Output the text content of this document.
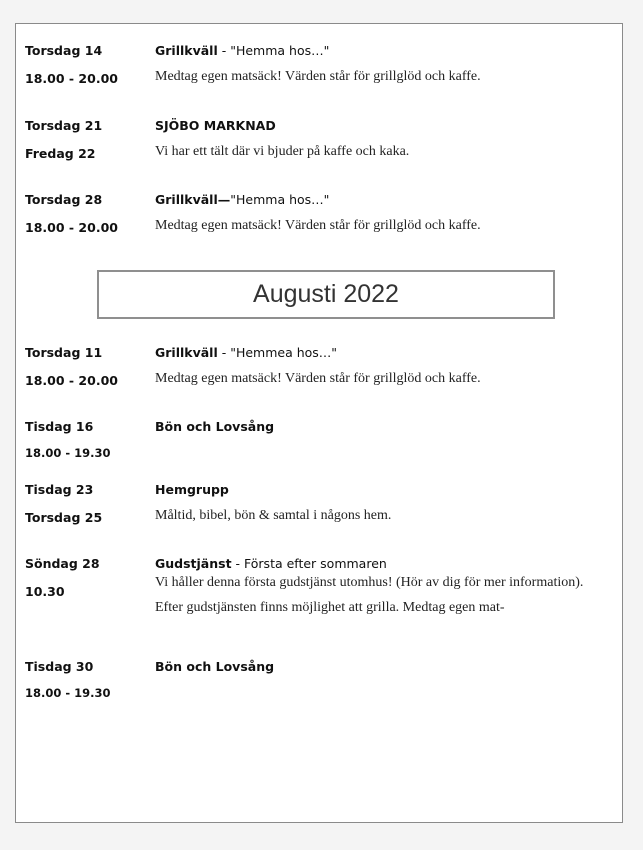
Torsdag 14
18.00 - 20.00
Grillkväll - "Hemma hos…"
Medtag egen matsäck! Värden står för grillglöd och kaffe.
Torsdag 21
Fredag 22
SJÖBO MARKNAD
Vi har ett tält där vi bjuder på kaffe och kaka.
Torsdag 28
18.00 - 20.00
Grillkväll—"Hemma hos…"
Medtag egen matsäck! Värden står för grillglöd och kaffe.
Augusti 2022
Torsdag 11
18.00 - 20.00
Grillkväll - "Hemmea hos…"
Medtag egen matsäck! Värden står för grillglöd och kaffe.
Tisdag 16
18.00 - 19.30
Bön och Lovsång
Tisdag 23
Torsdag 25
Hemgrupp
Måltid, bibel, bön & samtal i någons hem.
Söndag 28
10.30
Gudstjänst - Första efter sommaren
Vi håller denna första gudstjänst utomhus! (Hör av dig för mer information).
Efter gudstjänsten finns möjlighet att grilla. Medtag egen mat-
Tisdag 30
18.00 - 19.30
Bön och Lovsång
